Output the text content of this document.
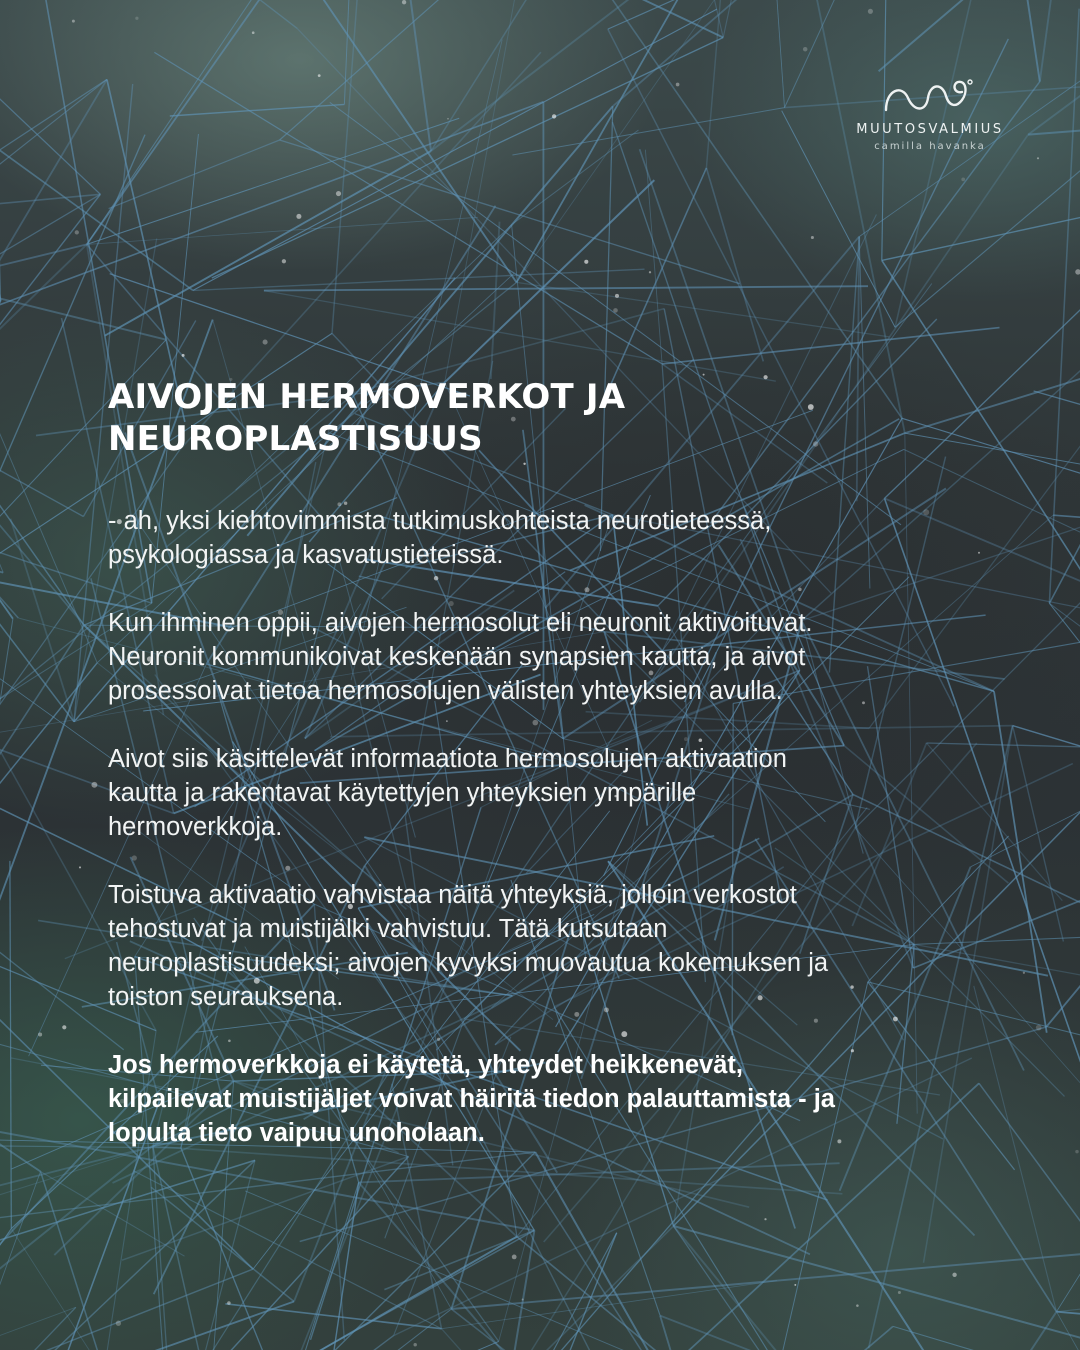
MUUTOSVALMIUS
camilla havanka
AIVOJEN HERMOVERKOT JA NEUROPLASTISUUS

- ah, yksi kiehtovimmista tutkimuskohteista neurotieteessä, psykologiassa ja kasvatustieteissä.

Kun ihminen oppii, aivojen hermosolut eli neuronit aktivoituvat. Neuronit kommunikoivat keskenään synapsien kautta, ja aivot prosessoivat tietoa hermosolujen välisten yhteyksien avulla.

Aivot siis käsittelevät informaatiota hermosolujen aktivaation kautta ja rakentavat käytettyjen yhteyksien ympärille hermoverkkoja.

Toistuva aktivaatio vahvistaa näitä yhteyksiä, jolloin verkostot tehostuvat ja muistijälki vahvistuu. Tätä kutsutaan neuroplastisuudeksi; aivojen kyvyksi muovautua kokemuksen ja toiston seurauksena.

Jos hermoverkkoja ei käytetä, yhteydet heikkenevät, kilpailevat muistijäljet voivat häiritä tiedon palauttamista - ja lopulta tieto vaipuu unoholaan.
